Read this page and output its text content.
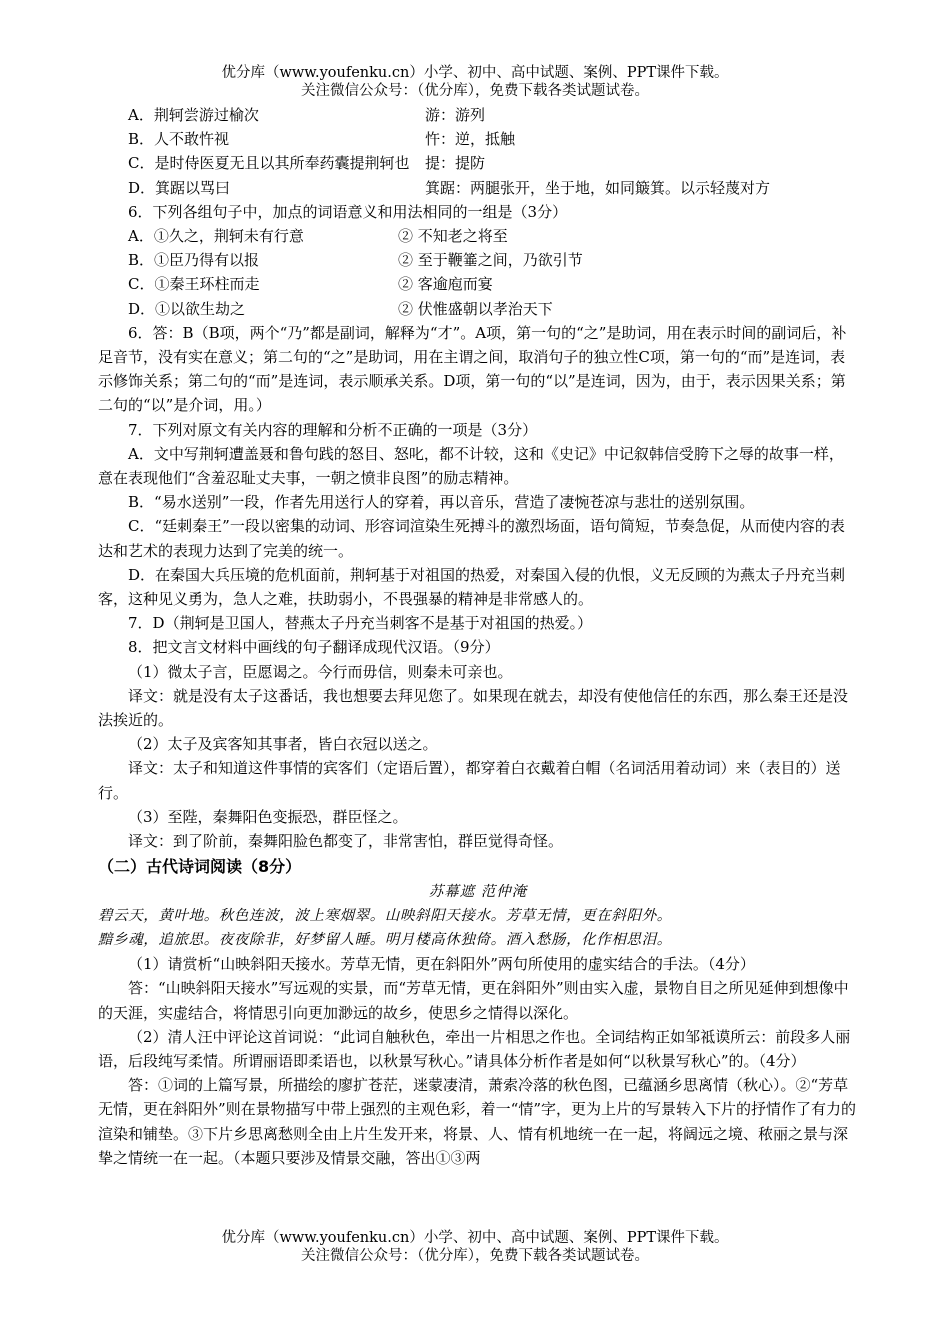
优分库（www.youfenku.cn）小学、初中、高中试题、案例、PPT课件下载。
关注微信公众号：（优分库），免费下载各类试题试卷。
A．荆轲尝游过榆次	游：游列
B．人不敢忤视	忤：逆，抵触
C．是时侍医夏无且以其所奉药囊提荆轲也	提：提防
D．箕踞以骂曰	箕踞：两腿张开，坐于地，如同簸箕。以示轻蔑对方

6．下列各组句子中，加点的词语意义和用法相同的一组是（3分）

A．①久之，荆轲未有行意	② 不知老之将至
B．①臣乃得有以报	② 至于鞭箠之间，乃欲引节
C．①秦王环柱而走	② 客逾庖而宴
D．①以欲生劫之	② 伏惟盛朝以孝治天下

6．答：B（B项，两个“乃”都是副词，解释为“才”。A项，第一句的“之”是助词，用在表示时间的副词后，补足音节，没有实在意义；第二句的“之”是助词，用在主谓之间，取消句子的独立性C项，第一句的“而”是连词，表示修饰关系；第二句的“而”是连词，表示顺承关系。D项，第一句的“以”是连词，因为，由于，表示因果关系；第二句的“以”是介词，用。）

7．下列对原文有关内容的理解和分析不正确的一项是（3分）

A．文中写荆轲遭盖聂和鲁句践的怒目、怒叱，都不计较，这和《史记》中记叙韩信受胯下之辱的故事一样，意在表现他们“含羞忍耻丈夫事，一朝之愤非良图”的励志精神。

B．“易水送别”一段，作者先用送行人的穿着，再以音乐，营造了凄惋苍凉与悲壮的送别氛围。

C．“廷刺秦王”一段以密集的动词、形容词渲染生死搏斗的激烈场面，语句简短，节奏急促，从而使内容的表达和艺术的表现力达到了完美的统一。

D．在秦国大兵压境的危机面前，荆轲基于对祖国的热爱，对秦国入侵的仇恨，义无反顾的为燕太子丹充当刺客，这种见义勇为，急人之难，扶助弱小，不畏强暴的精神是非常感人的。

7．D（荆轲是卫国人，替燕太子丹充当刺客不是基于对祖国的热爱。）

8．把文言文材料中画线的句子翻译成现代汉语。（9分）

（1）微太子言，臣愿谒之。今行而毋信，则秦未可亲也。

译文：就是没有太子这番话，我也想要去拜见您了。如果现在就去，却没有使他信任的东西，那么秦王还是没法挨近的。

（2）太子及宾客知其事者，皆白衣冠以送之。

译文：太子和知道这件事情的宾客们（定语后置），都穿着白衣戴着白帽（名词活用着动词）来（表目的）送行。

（3）至陛，秦舞阳色变振恐，群臣怪之。

译文：到了阶前，秦舞阳脸色都变了，非常害怕，群臣觉得奇怪。

（二）古代诗词阅读（8分）

苏幕遮 范仲淹

碧云天，黄叶地。秋色连波，波上寒烟翠。山映斜阳天接水。芳草无情，更在斜阳外。

黯乡魂，追旅思。夜夜除非，好梦留人睡。明月楼高休独倚。酒入愁肠，化作相思泪。

（1）请赏析“山映斜阳天接水。芳草无情，更在斜阳外”两句所使用的虚实结合的手法。（4分）

答：“山映斜阳天接水”写远观的实景，而“芳草无情，更在斜阳外”则由实入虚，景物自目之所见延伸到想像中的天涯，实虚结合，将情思引向更加渺远的故乡，使思乡之情得以深化。

（2）清人汪中评论这首词说：“此词自触秋色，牵出一片相思之作也。全词结构正如邹祗谟所云：前段多人丽语，后段纯写柔情。所谓丽语即柔语也，以秋景写秋心。”请具体分析作者是如何“以秋景写秋心”的。（4分）

答：①词的上篇写景，所描绘的廖扩苍茫，迷蒙凄清，萧索冷落的秋色图，已蕴涵乡思离情（秋心）。②“芳草无情，更在斜阳外”则在景物描写中带上强烈的主观色彩，着一“情”字，更为上片的写景转入下片的抒情作了有力的渲染和铺垫。③下片乡思离愁则全由上片生发开来，将景、人、情有机地统一在一起，将阔远之境、秾丽之景与深挚之情统一在一起。（本题只要涉及情景交融，答出①③两

优分库（www.youfenku.cn）小学、初中、高中试题、案例、PPT课件下载。
关注微信公众号：（优分库），免费下载各类试题试卷。
